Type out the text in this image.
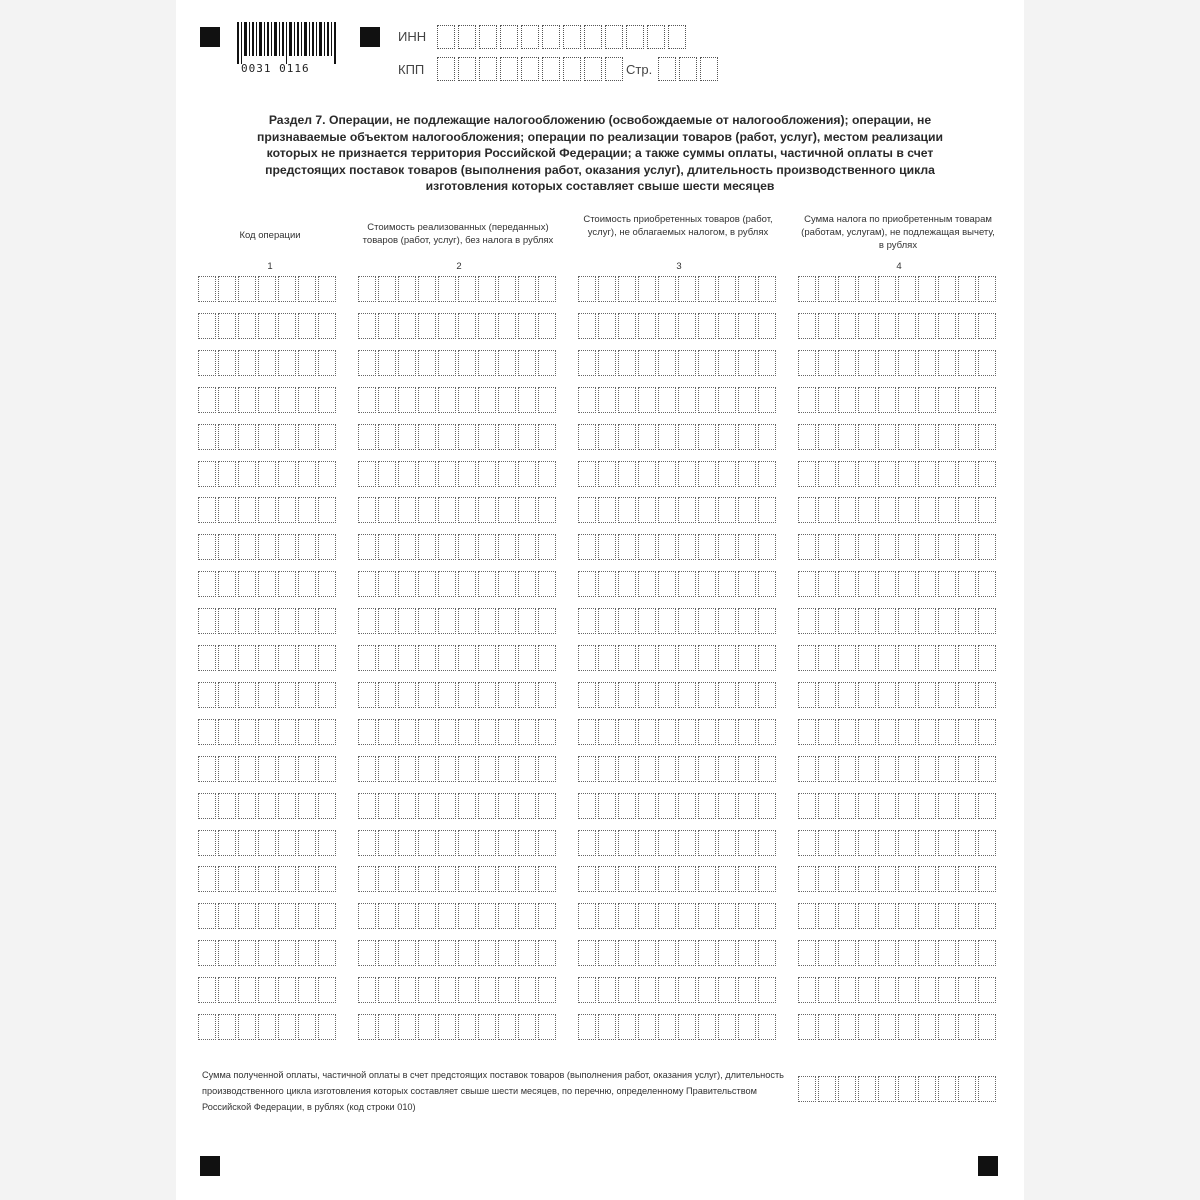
0031 0116
ИНН
КПП	Стр.
Раздел 7. Операции, не подлежащие налогообложению (освобождаемые от налогообложения); операции, не признаваемые объектом налогообложения; операции по реализации товаров (работ, услуг), местом реализации которых не признается территория Российской Федерации; а также суммы оплаты, частичной оплаты в счет предстоящих поставок товаров (выполнения работ, оказания услуг), длительность производственного цикла изготовления которых составляет свыше шести месяцев
Код операции
Стоимость реализованных (переданных) товаров (работ, услуг), без налога в рублях
Стоимость приобретенных товаров (работ, услуг), не облагаемых налогом, в рублях
Сумма налога по приобретенным товарам (работам, услугам), не подлежащая вычету, в рублях
1	2	3	4
Сумма полученной оплаты, частичной оплаты в счет предстоящих поставок товаров (выполнения работ, оказания услуг), длительность производственного цикла изготовления которых составляет свыше шести месяцев, по перечню, определенному Правительством Российской Федерации, в рублях (код строки 010)
